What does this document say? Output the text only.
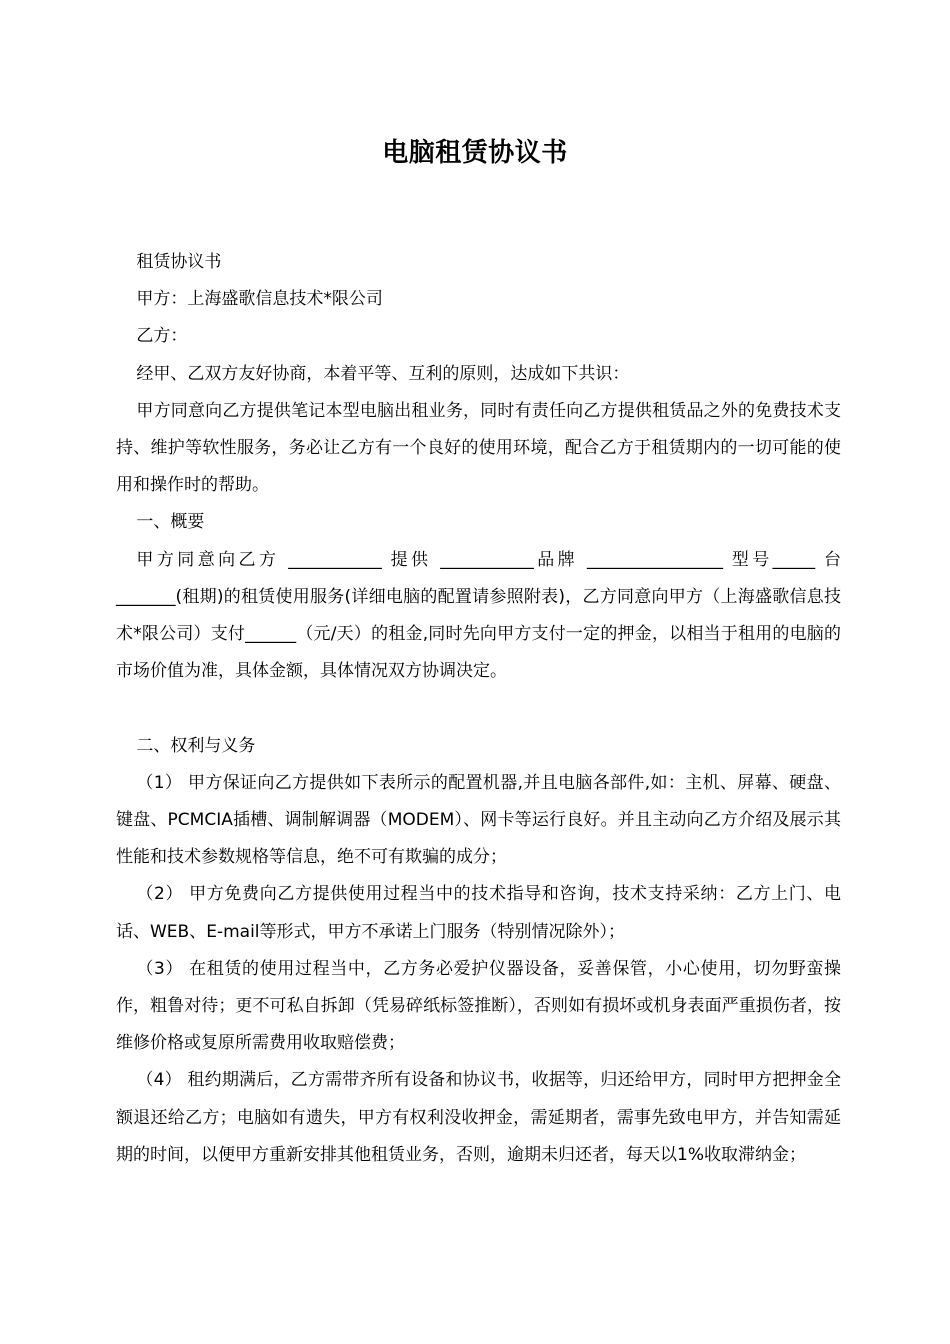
电脑租赁协议书

租赁协议书

甲方：上海盛歌信息技术*限公司

乙方：

经甲、乙双方友好协商，本着平等、互利的原则，达成如下共识：

甲方同意向乙方提供笔记本型电脑出租业务，同时有责任向乙方提供租赁品之外的免费技术支持、维护等软性服务，务必让乙方有一个良好的使用环境，配合乙方于租赁期内的一切可能的使用和操作时的帮助。

一、概要

甲方同意向乙方 ___________ 提供 ___________品牌 ________________ 型号_____ 台 _______(租期)的租赁使用服务(详细电脑的配置请参照附表)，乙方同意向甲方（上海盛歌信息技术*限公司）支付______（元/天）的租金,同时先向甲方支付一定的押金，以相当于租用的电脑的市场价值为准，具体金额，具体情况双方协调决定。

二、权利与义务

（1） 甲方保证向乙方提供如下表所示的配置机器,并且电脑各部件,如：主机、屏幕、硬盘、键盘、PCMCIA插槽、调制解调器（MODEM）、网卡等运行良好。并且主动向乙方介绍及展示其性能和技术参数规格等信息，绝不可有欺骗的成分；

（2） 甲方免费向乙方提供使用过程当中的技术指导和咨询，技术支持采纳：乙方上门、电话、WEB、E-mail等形式，甲方不承诺上门服务（特别情况除外）；

（3） 在租赁的使用过程当中，乙方务必爱护仪器设备，妥善保管，小心使用，切勿野蛮操作，粗鲁对待；更不可私自拆卸（凭易碎纸标签推断），否则如有损坏或机身表面严重损伤者，按维修价格或复原所需费用收取赔偿费；

（4） 租约期满后，乙方需带齐所有设备和协议书，收据等，归还给甲方，同时甲方把押金全额退还给乙方；电脑如有遗失，甲方有权利没收押金，需延期者，需事先致电甲方，并告知需延期的时间，以便甲方重新安排其他租赁业务，否则，逾期未归还者，每天以1%收取滞纳金；
